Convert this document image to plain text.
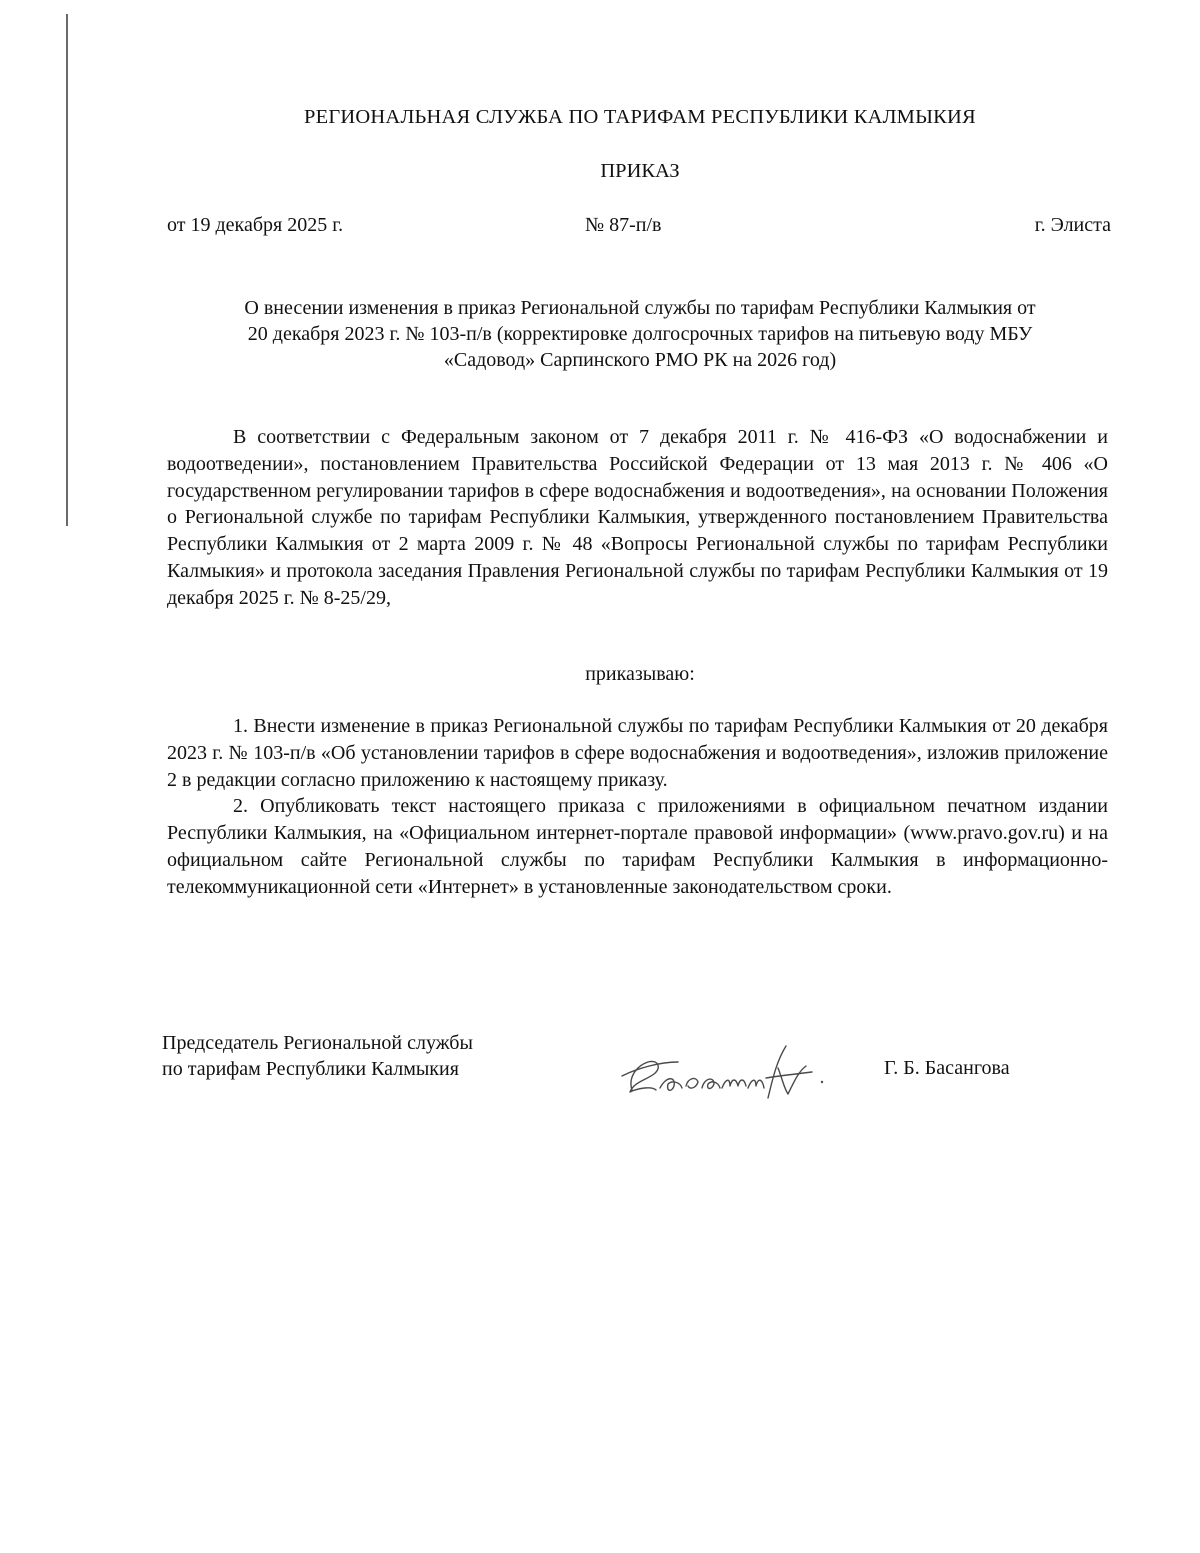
РЕГИОНАЛЬНАЯ СЛУЖБА ПО ТАРИФАМ РЕСПУБЛИКИ КАЛМЫКИЯ
ПРИКАЗ
от 19 декабря 2025 г.	№ 87-п/в	г. Элиста
О внесении изменения в приказ Региональной службы по тарифам Республики Калмыкия от
20 декабря 2023 г. № 103-п/в (корректировке долгосрочных тарифов на питьевую воду МБУ
«Садовод» Сарпинского РМО РК на 2026 год)

В соответствии с Федеральным законом от 7 декабря 2011 г. № 416-ФЗ «О водоснабжении и водоотведении», постановлением Правительства Российской Федерации от 13 мая 2013 г. № 406 «О государственном регулировании тарифов в сфере водоснабжения и водоотведения», на основании Положения о Региональной службе по тарифам Республики Калмыкия, утвержденного постановлением Правительства Республики Калмыкия от 2 марта 2009 г. № 48 «Вопросы Региональной службы по тарифам Республики Калмыкия» и протокола заседания Правления Региональной службы по тарифам Республики Калмыкия от 19 декабря 2025 г. № 8-25/29,

приказываю:

1. Внести изменение в приказ Региональной службы по тарифам Республики Калмыкия от 20 декабря 2023 г. № 103-п/в «Об установлении тарифов в сфере водоснабжения и водоотведения», изложив приложение 2 в редакции согласно приложению к настоящему приказу.

2. Опубликовать текст настоящего приказа с приложениями в официальном печатном издании Республики Калмыкия, на «Официальном интернет-портале правовой информации» (www.pravo.gov.ru) и на официальном сайте Региональной службы по тарифам Республики Калмыкия в информационно-телекоммуникационной сети «Интернет» в установленные законодательством сроки.

Председатель Региональной службы
по тарифам Республики Калмыкия	Г. Б. Басангова
